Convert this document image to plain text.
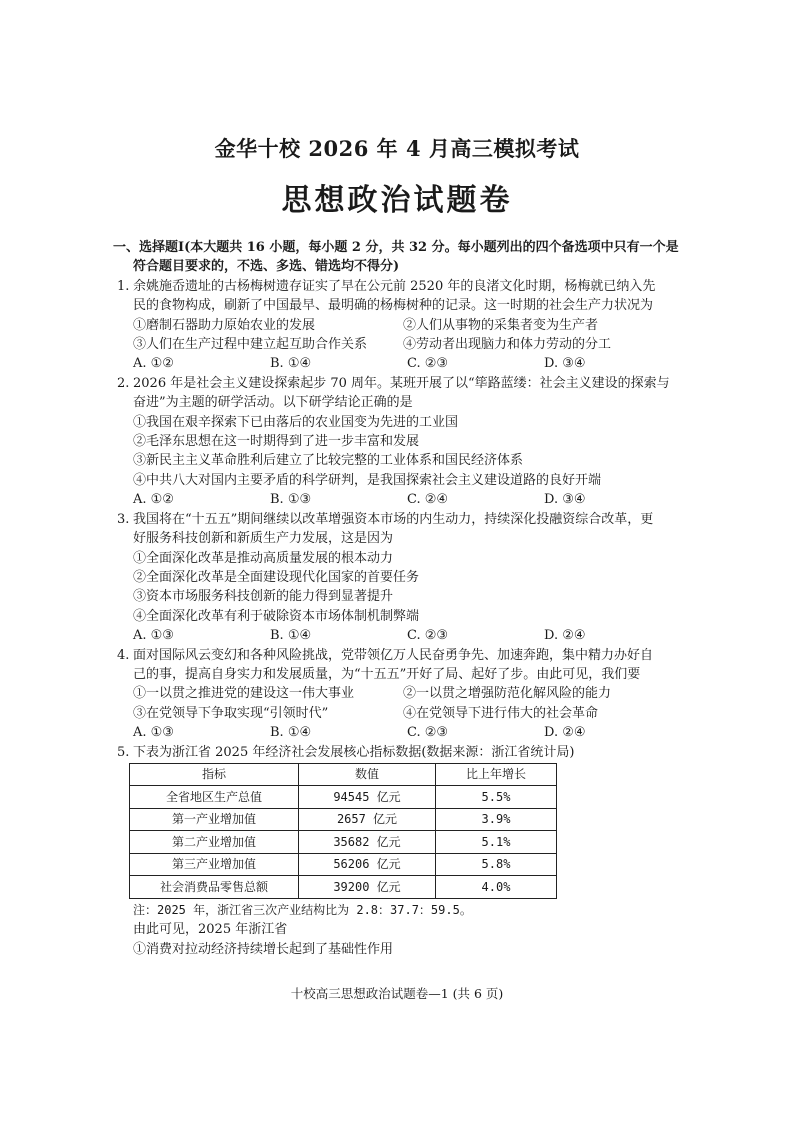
金华十校 2026 年 4 月高三模拟考试
思想政治试题卷
一、选择题Ⅰ(本大题共 16 小题，每小题 2 分，共 32 分。每小题列出的四个备选项中只有一个是
符合题目要求的，不选、多选、错选均不得分)
1. 余姚施岙遗址的古杨梅树遗存证实了早在公元前 2520 年的良渚文化时期，杨梅就已纳入先
民的食物构成，刷新了中国最早、最明确的杨梅树种的记录。这一时期的社会生产力状况为
①磨制石器助力原始农业的发展	②人们从事物的采集者变为生产者
③人们在生产过程中建立起互助合作关系	④劳动者出现脑力和体力劳动的分工
A. ①②	B. ①④	C. ②③	D. ③④
2. 2026 年是社会主义建设探索起步 70 周年。某班开展了以“筚路蓝缕：社会主义建设的探索与
奋进”为主题的研学活动。以下研学结论正确的是
①我国在艰辛探索下已由落后的农业国变为先进的工业国
②毛泽东思想在这一时期得到了进一步丰富和发展
③新民主主义革命胜利后建立了比较完整的工业体系和国民经济体系
④中共八大对国内主要矛盾的科学研判，是我国探索社会主义建设道路的良好开端
A. ①②	B. ①③	C. ②④	D. ③④
3. 我国将在“十五五”期间继续以改革增强资本市场的内生动力，持续深化投融资综合改革，更
好服务科技创新和新质生产力发展，这是因为
①全面深化改革是推动高质量发展的根本动力
②全面深化改革是全面建设现代化国家的首要任务
③资本市场服务科技创新的能力得到显著提升
④全面深化改革有利于破除资本市场体制机制弊端
A. ①③	B. ①④	C. ②③	D. ②④
4. 面对国际风云变幻和各种风险挑战，党带领亿万人民奋勇争先、加速奔跑，集中精力办好自
己的事，提高自身实力和发展质量，为“十五五”开好了局、起好了步。由此可见，我们要
①一以贯之推进党的建设这一伟大事业	②一以贯之增强防范化解风险的能力
③在党领导下争取实现“引领时代”	④在党领导下进行伟大的社会革命
A. ①③	B. ①④	C. ②③	D. ②④
5. 下表为浙江省 2025 年经济社会发展核心指标数据(数据来源：浙江省统计局)
指标	数值	比上年增长
全省地区生产总值	94545 亿元	5.5%
第一产业增加值	2657 亿元	3.9%
第二产业增加值	35682 亿元	5.1%
第三产业增加值	56206 亿元	5.8%
社会消费品零售总额	39200 亿元	4.0%
注：2025 年，浙江省三次产业结构比为 2.8：37.7：59.5。
由此可见，2025 年浙江省
①消费对拉动经济持续增长起到了基础性作用
十校高三思想政治试题卷—1 (共 6 页)
